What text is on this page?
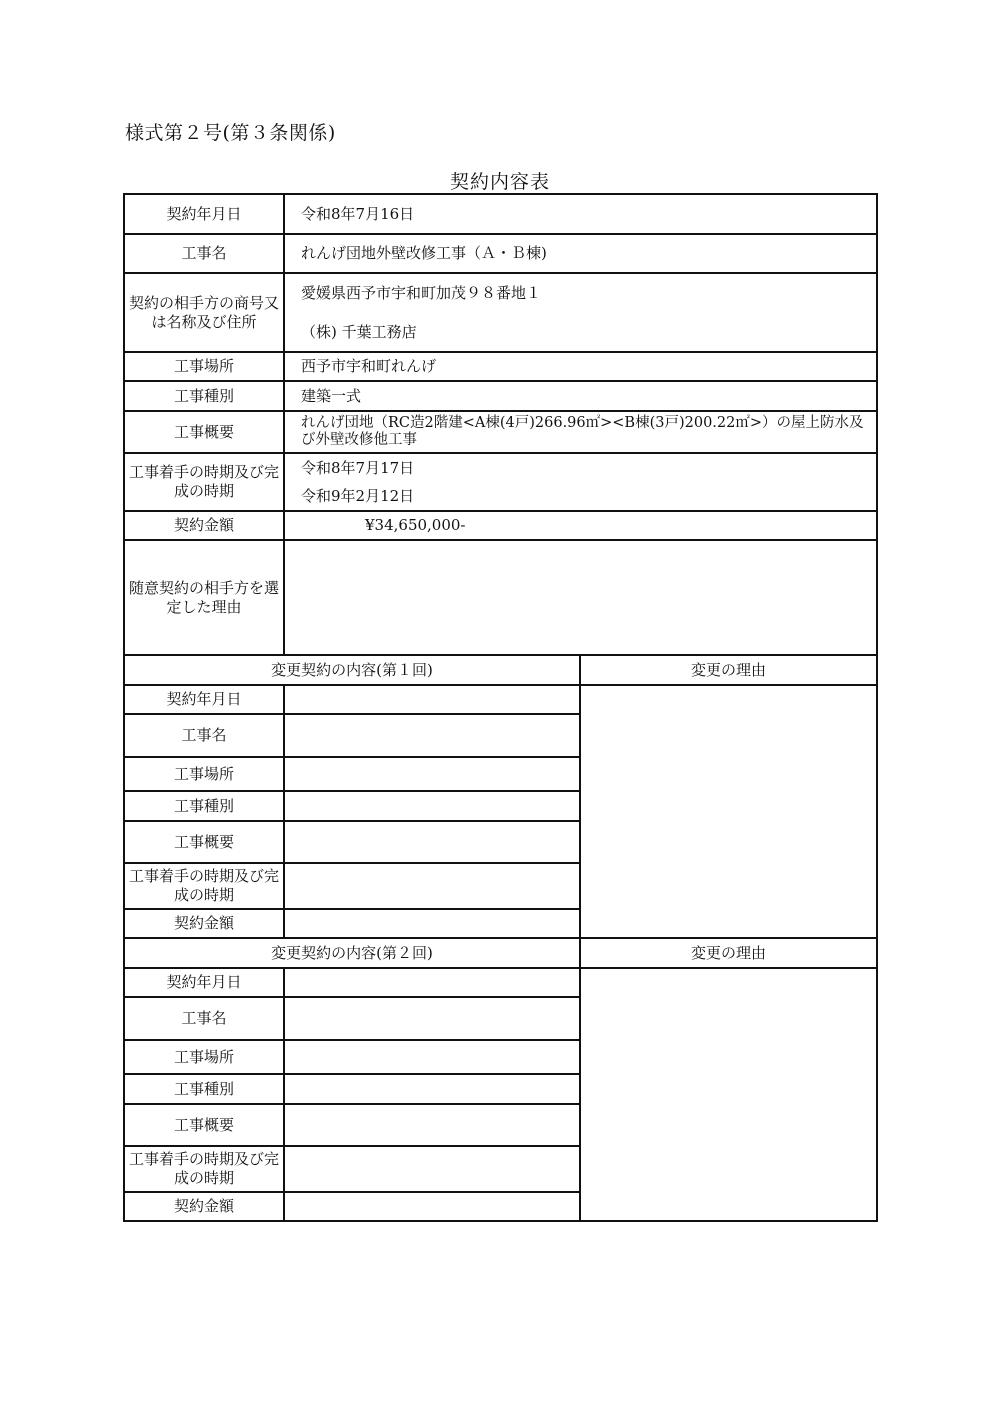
様式第２号(第３条関係)
契約内容表
契約年月日	令和8年7月16日
工事名	れんげ団地外壁改修工事（Ａ・Ｂ棟)
契約の相手方の商号又は名称及び住所	愛媛県西予市宇和町加茂９８番地１
（株) 千葉工務店

工事場所	西予市宇和町れんげ
工事種別	建築一式
工事概要	れんげ団地（RC造2階建<A棟(4戸)266.96㎡><B棟(3戸)200.22㎡>）の屋上防水及び外壁改修他工事
工事着手の時期及び完成の時期	令和8年7月17日
令和9年2月12日

契約金額	¥34,650,000-
随意契約の相手方を選定した理由	
変更契約の内容(第１回)		変更の理由
契約年月日		
工事名		
工事場所		
工事種別		
工事概要		
工事着手の時期及び完成の時期		
契約金額		
変更契約の内容(第２回)		変更の理由
契約年月日		
工事名		
工事場所		
工事種別		
工事概要		
工事着手の時期及び完成の時期		
契約金額		
